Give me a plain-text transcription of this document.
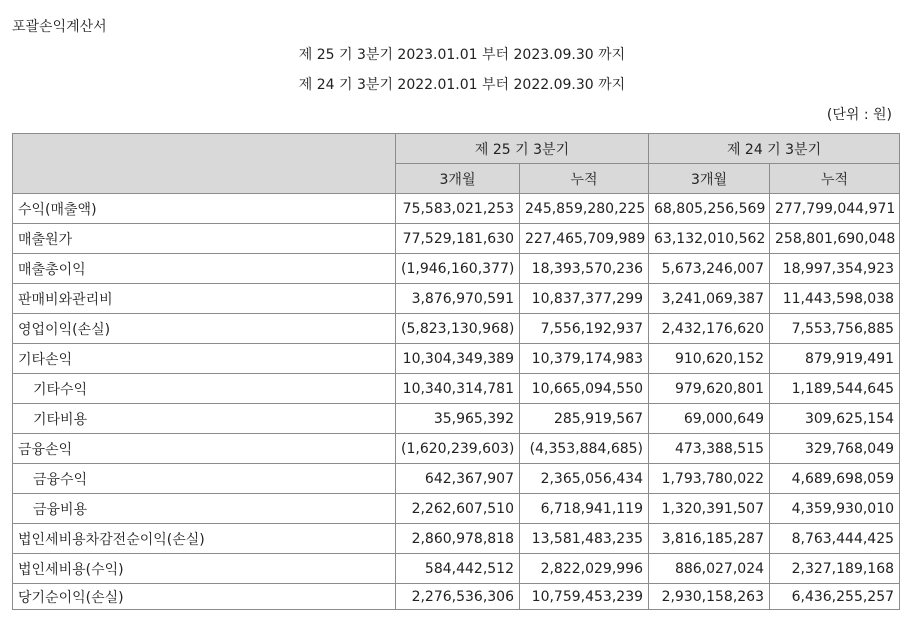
포괄손익계산서
제 25 기 3분기 2023.01.01 부터 2023.09.30 까지
제 24 기 3분기 2022.01.01 부터 2022.09.30 까지
(단위 : 원)
	제 25 기 3분기		제 24 기 3분기	
	3개월	누적	3개월	누적
수익(매출액)	75,583,021,253	245,859,280,225	68,805,256,569	277,799,044,971
매출원가	77,529,181,630	227,465,709,989	63,132,010,562	258,801,690,048
매출총이익	(1,946,160,377)	18,393,570,236	5,673,246,007	18,997,354,923
판매비와관리비	3,876,970,591	10,837,377,299	3,241,069,387	11,443,598,038
영업이익(손실)	(5,823,130,968)	7,556,192,937	2,432,176,620	7,553,756,885
기타손익	10,304,349,389	10,379,174,983	910,620,152	879,919,491
기타수익	10,340,314,781	10,665,094,550	979,620,801	1,189,544,645
기타비용	35,965,392	285,919,567	69,000,649	309,625,154
금융손익	(1,620,239,603)	(4,353,884,685)	473,388,515	329,768,049
금융수익	642,367,907	2,365,056,434	1,793,780,022	4,689,698,059
금융비용	2,262,607,510	6,718,941,119	1,320,391,507	4,359,930,010
법인세비용차감전순이익(손실)	2,860,978,818	13,581,483,235	3,816,185,287	8,763,444,425
법인세비용(수익)	584,442,512	2,822,029,996	886,027,024	2,327,189,168
당기순이익(손실)	2,276,536,306	10,759,453,239	2,930,158,263	6,436,255,257
